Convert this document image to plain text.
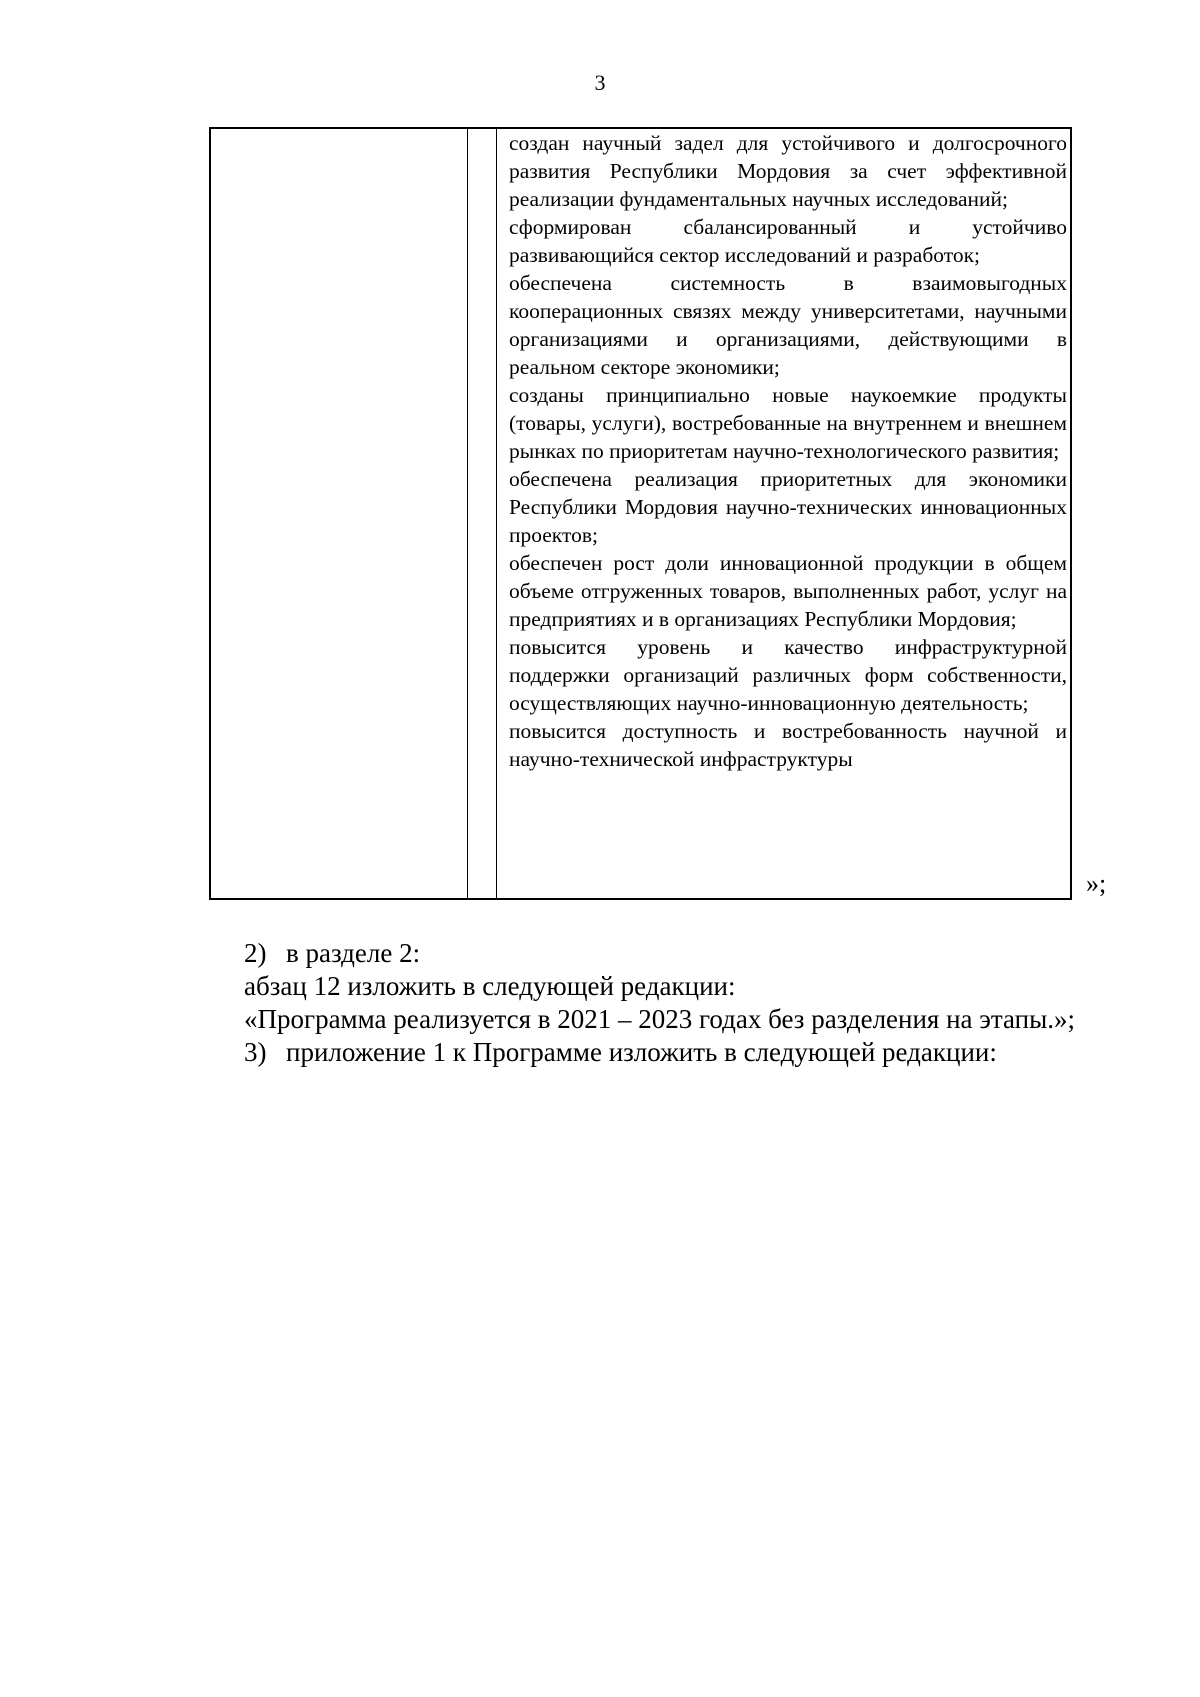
3

создан научный задел для устойчивого и долгосрочного развития Республики Мордовия за счет эффективной реализации фундаментальных научных исследований;

сформирован сбалансированный и устойчиво развивающийся сектор исследований и разработок;

обеспечена системность в взаимовыгодных кооперационных связях между университетами, научными организациями и организациями, действующими в реальном секторе экономики;

созданы принципиально новые наукоемкие продукты (товары, услуги), востребованные на внутреннем и внешнем рынках по приоритетам научно-технологического развития;

обеспечена реализация приоритетных для экономики Республики Мордовия научно-технических инновационных проектов;

обеспечен рост доли инновационной продукции в общем объеме отгруженных товаров, выполненных работ, услуг на предприятиях и в организациях Республики Мордовия;

повысится уровень и качество инфраструктурной поддержки организаций различных форм собственности, осуществляющих научно-инновационную деятельность;

повысится доступность и востребованность научной и научно-технической инфраструктуры

»;

2) в разделе 2:

абзац 12 изложить в следующей редакции:

«Программа реализуется в 2021 – 2023 годах без разделения на этапы.»;

3) приложение 1 к Программе изложить в следующей редакции:
